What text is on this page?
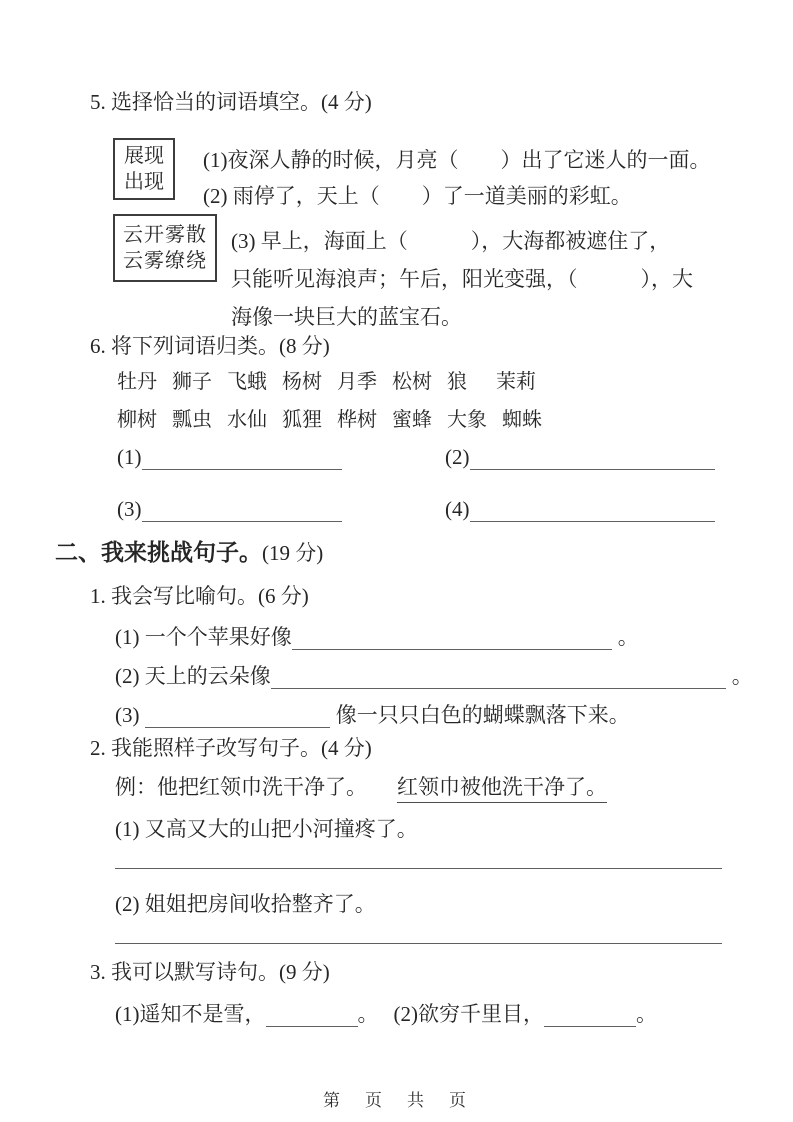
5. 选择恰当的词语填空。(4 分)
展现
出现
(1)夜深人静的时候，月亮（　　）出了它迷人的一面。
(2) 雨停了，天上（　　）了一道美丽的彩虹。
云开雾散
云雾缭绕
(3) 早上，海面上（　　　），大海都被遮住了，
只能听见海浪声；午后，阳光变强，（　　　），大
海像一块巨大的蓝宝石。
6. 将下列词语归类。(8 分)
牡丹 狮子 飞蛾 杨树 月季 松树 狼 茉莉
柳树 瓢虫 水仙 狐狸 桦树 蜜蜂 大象 蜘蛛
(1)	(2)
(3)	(4)
二、我来挑战句子。(19 分)
1. 我会写比喻句。(6 分)
(1) 一个个苹果好像	。
(2) 天上的云朵像	。
(3)	像一只只白色的蝴蝶飘落下来。
2. 我能照样子改写句子。(4 分)
例：他把红领巾洗干净了。 红领巾被他洗干净了。
(1) 又高又大的山把小河撞疼了。
(2) 姐姐把房间收拾整齐了。
3. 我可以默写诗句。(9 分)
(1)遥知不是雪，	。 (2)欲穷千里目，	。
第　页　共　页
